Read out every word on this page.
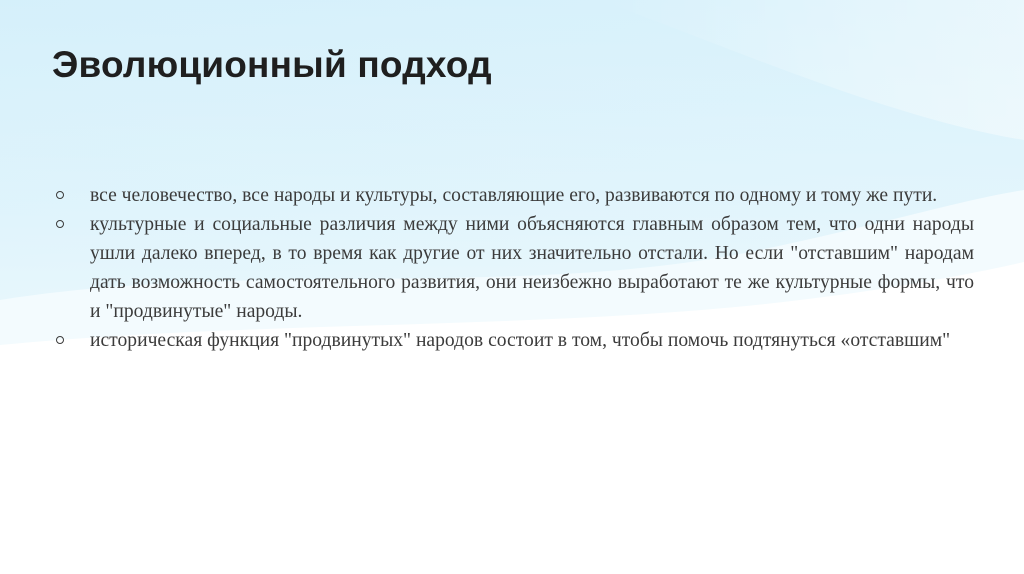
Эволюционный подход
все человечество, все народы и культуры, составляющие его, развиваются по одному и тому же пути.
культурные и социальные различия между ними объясняются главным образом тем, что одни народы ушли далеко вперед, в то время как другие от них значительно отстали. Но если "отставшим" народам дать возможность самостоятельного развития, они неизбежно выработают те же культурные формы, что и "продвинутые" народы.
историческая функция "продвинутых" народов состоит в том, чтобы помочь подтянуться «отставшим"
